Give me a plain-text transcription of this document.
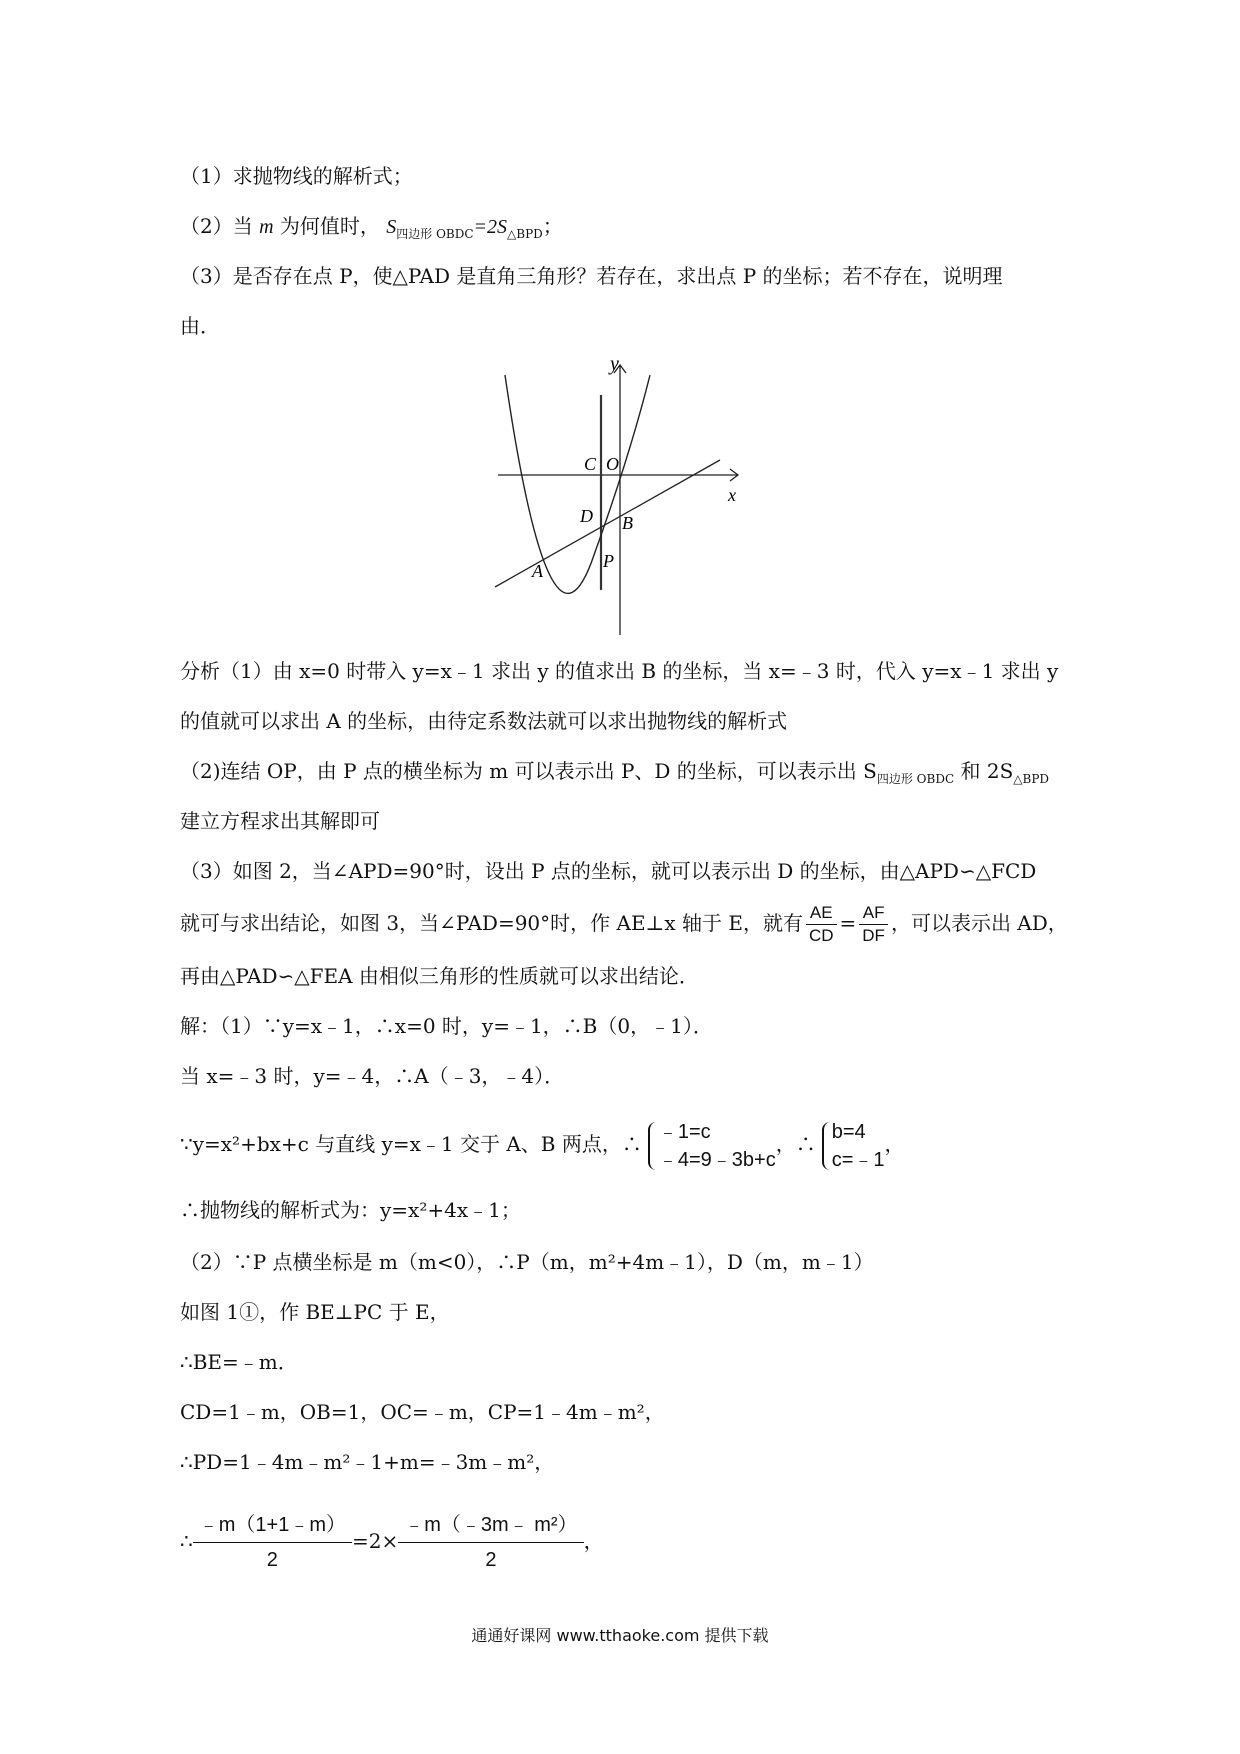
（1）求抛物线的解析式；
（2）当 m 为何值时， $S_{四边形 OBDC}=2S_{\triangle BPD}$；
（3）是否存在点 P，使△PAD 是直角三角形？若存在，求出点 P 的坐标；若不存在，说明理
由．
y
x
C O
D B
P
A
分析（1）由 x=0 时带入 y=x﹣1 求出 y 的值求出 B 的坐标，当 x=﹣3 时，代入 y=x﹣1 求出 y
的值就可以求出 A 的坐标，由待定系数法就可以求出抛物线的解析式
（2)连结 OP，由 P 点的横坐标为 m 可以表示出 P、D 的坐标，可以表示出 $S_{四边形 OBDC}$ 和 $2S_{\triangle BPD}$
建立方程求出其解即可
（3）如图 2，当∠APD=90°时，设出 P 点的坐标，就可以表示出 D 的坐标，由△APD∽△FCD
就可与求出结论，如图 3，当∠PAD=90°时，作 AE⊥x 轴于 E，就有 $\frac{AE}{CD} = \frac{AF}{DF}$ ，可以表示出 AD，
再由△PAD∽△FEA 由相似三角形的性质就可以求出结论．
解：（1）∵y=x﹣1，∴x=0 时，y=﹣1，∴B（0，﹣1）．
当 x=﹣3 时，y=﹣4，∴A（﹣3，﹣4）．
∵y=x²+bx+c 与直线 y=x﹣1 交于 A、B 两点，∴
﹣1=c
﹣4=9﹣3b+c
，∴
b=4
c=﹣1
，
∴抛物线的解析式为：y=x²+4x﹣1；
（2）∵P 点横坐标是 m（m<0），∴P（m，m²+4m﹣1），D（m，m﹣1）
如图 1①，作 BE⊥PC 于 E，
∴BE=﹣m．
CD=1﹣m，OB=1，OC=﹣m，CP=1﹣4m﹣m²，
∴PD=1﹣4m﹣m²﹣1+m=﹣3m﹣m²，
∴ $\frac{﹣m(1+1﹣m)}{2} =2\times \frac{\text{﹣m（﹣3m﹣ m²）}}{2}$ ，
通通好课网 www.tthaoke.com 提供下载
